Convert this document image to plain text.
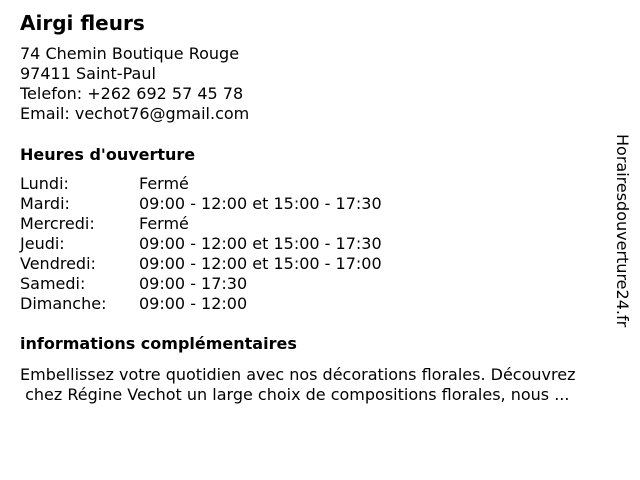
Airgi fleurs
74 Chemin Boutique Rouge
97411 Saint-Paul
Telefon: +262 692 57 45 78
Email: vechot76@gmail.com
Heures d'ouverture
Lundi:	Fermé
Mardi:	09:00 - 12:00 et 15:00 - 17:30
Mercredi:	Fermé
Jeudi:	09:00 - 12:00 et 15:00 - 17:30
Vendredi:	09:00 - 12:00 et 15:00 - 17:00
Samedi:	09:00 - 17:30
Dimanche: 09:00 - 12:00
informations complémentaires
Embellissez votre quotidien avec nos décorations florales. Découvrez
chez Régine Vechot un large choix de compositions florales, nous ...
Horairesdouverture24.fr
